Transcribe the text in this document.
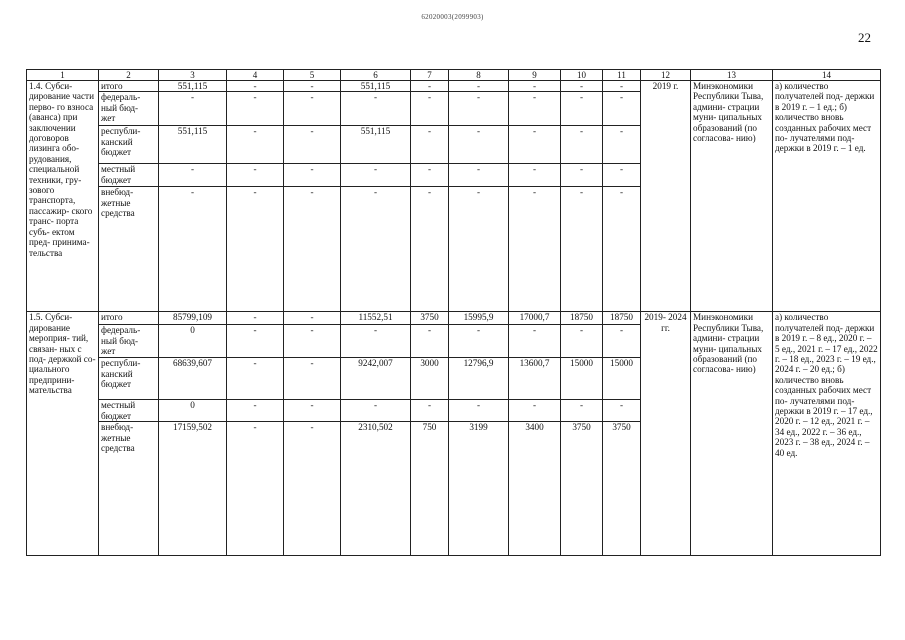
62020003(2099903)
22
1	2	3	4	5	6	7	8	9	10	11	12	13	14
1.4. Субси- дирование части перво- го взноса (аванса) при заключении договоров лизинга обо- рудования, специальной техники, гру- зового транспорта, пассажир- ского транс- порта субъ- ектом пред- принима- тельства	итого	551,115	-	-	551,115	-	-	-	-	-	2019 г.	Минэкономики Республики Тыва, админи- страции муни- ципальных образований (по согласова- нию)	а) количество получателей под- держки в 2019 г. – 1 ед.; б) количество вновь созданных рабочих мест по- лучателями под- держки в 2019 г. – 1 ед.
	федераль-
ный бюд-
жет	-	-	-	-	-	-	-	-	-			
	республи-
канский
бюджет	551,115	-	-	551,115	-	-	-	-	-			
	местный
бюджет	-	-	-	-	-	-	-	-	-			
	внебюд-
жетные
средства	-	-	-	-	-	-	-	-	-			
1.5. Субси- дирование мероприя- тий, связан- ных с под- держкой со- циального предприни- мательства	итого	85799,109	-	-	11552,51	3750	15995,9	17000,7	18750	18750	2019- 2024 гг.	Минэкономики Республики Тыва, админи- страции муни- ципальных образований (по согласова- нию)	а) количество получателей под- держки в 2019 г. – 8 ед., 2020 г. – 5 ед., 2021 г. – 17 ед., 2022 г. – 18 ед., 2023 г. – 19 ед., 2024 г. – 20 ед.; б) количество вновь созданных рабочих мест по- лучателями под- держки в 2019 г. – 17 ед., 2020 г. – 12 ед., 2021 г. – 34 ед., 2022 г. – 36 ед., 2023 г. – 38 ед., 2024 г. – 40 ед.
	федераль-
ный бюд-
жет	0	-	-	-	-	-	-	-	-			
	республи-
канский
бюджет	68639,607	-	-	9242,007	3000	12796,9	13600,7	15000	15000			
	местный
бюджет	0	-	-	-	-	-	-	-	-			
	внебюд-
жетные
средства	17159,502	-	-	2310,502	750	3199	3400	3750	3750			
